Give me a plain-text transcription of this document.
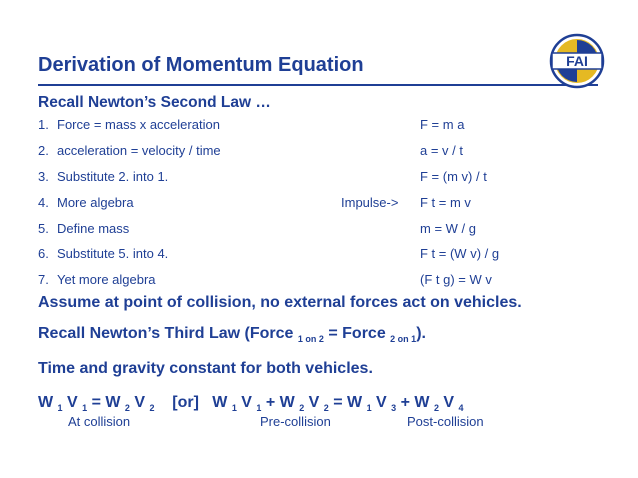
Derivation of Momentum Equation	FAI
Recall Newton’s Second Law …
1. Force = mass x acceleration	F = m a
2. acceleration = velocity / time	a = v / t
3. Substitute 2. into 1.	F = (m v) / t
4. More algebra	Impulse-> F t = m v
5. Define mass	m = W / g
6. Substitute 5. into 4.	F t = (W v) / g
7. Yet more algebra	(F t g) = W v
Assume at point of collision, no external forces act on vehicles.
Recall Newton’s Third Law (Force $_{1 on 2}$ = Force $_{2 on 1}$).
Time and gravity constant for both vehicles.
W $_1$ V $_1$ = W $_2$ V $_2$    [or]   W $_1$ V $_1$ + W $_2$ V $_2$ = W $_1$ V $_3$ + W $_2$ V $_4$
At collision	Pre-collision	Post-collision
